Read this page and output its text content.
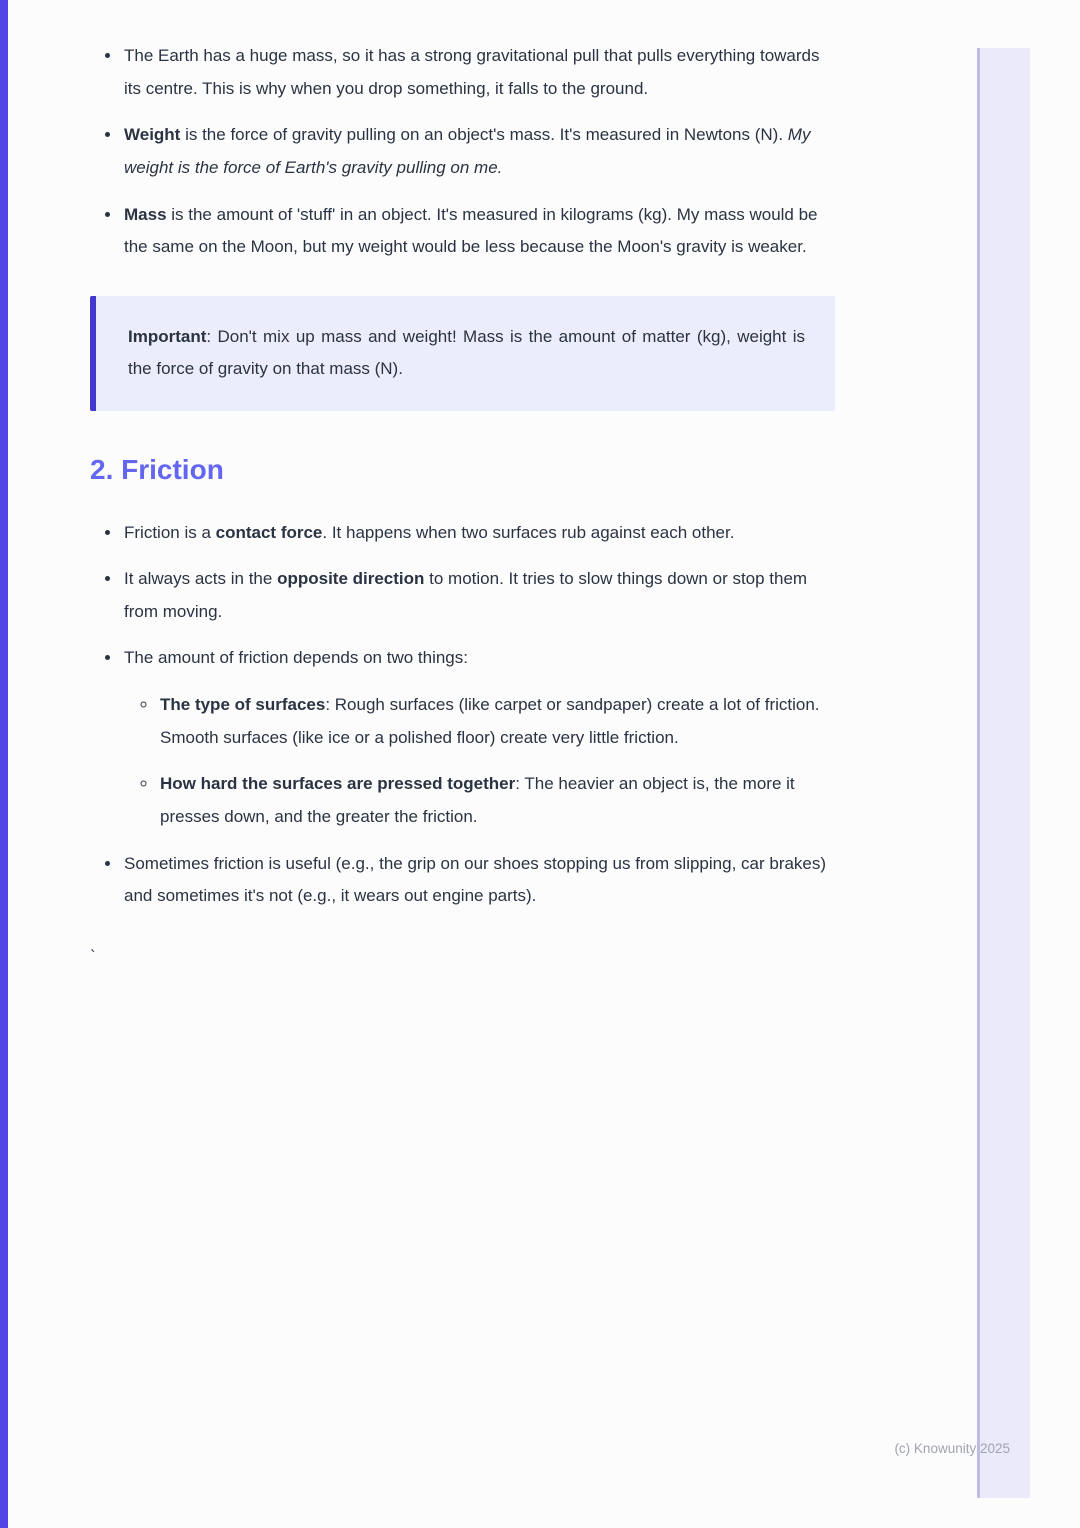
• The Earth has a huge mass, so it has a strong gravitational pull that pulls everything towards its centre. This is why when you drop something, it falls to the ground.
• Weight is the force of gravity pulling on an object's mass. It's measured in Newtons (N). My weight is the force of Earth's gravity pulling on me.
• Mass is the amount of 'stuff' in an object. It's measured in kilograms (kg). My mass would be the same on the Moon, but my weight would be less because the Moon's gravity is weaker.
Important: Don't mix up mass and weight! Mass is the amount of matter (kg), weight is the force of gravity on that mass (N).
2. Friction
• Friction is a contact force. It happens when two surfaces rub against each other.
• It always acts in the opposite direction to motion. It tries to slow things down or stop them from moving.
• The amount of friction depends on two things:
◦ The type of surfaces: Rough surfaces (like carpet or sandpaper) create a lot of friction. Smooth surfaces (like ice or a polished floor) create very little friction.
◦ How hard the surfaces are pressed together: The heavier an object is, the more it presses down, and the greater the friction.
• Sometimes friction is useful (e.g., the grip on our shoes stopping us from slipping, car brakes) and sometimes it's not (e.g., it wears out engine parts).
`
(c) Knowunity 2025
